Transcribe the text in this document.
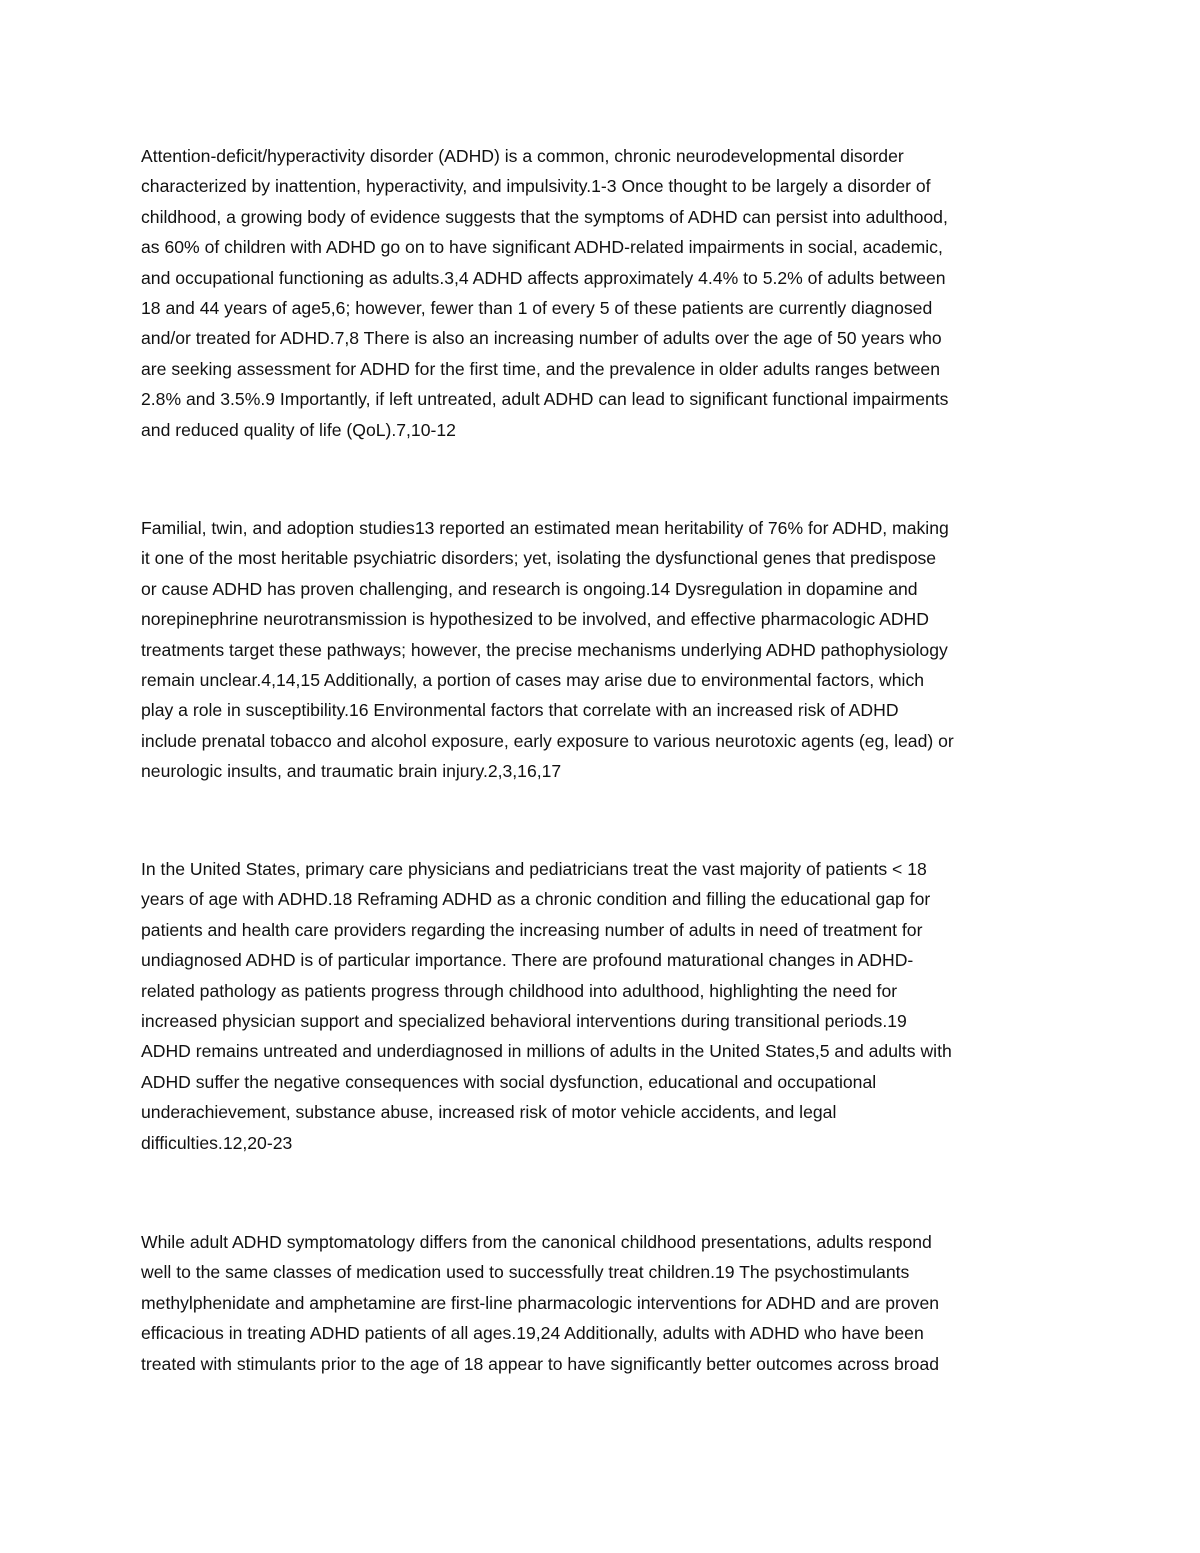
Attention-deficit/hyperactivity disorder (ADHD) is a common, chronic neurodevelopmental disorder
characterized by inattention, hyperactivity, and impulsivity.1-3 Once thought to be largely a disorder of
childhood, a growing body of evidence suggests that the symptoms of ADHD can persist into adulthood,
as 60% of children with ADHD go on to have significant ADHD-related impairments in social, academic,
and occupational functioning as adults.3,4 ADHD affects approximately 4.4% to 5.2% of adults between
18 and 44 years of age5,6; however, fewer than 1 of every 5 of these patients are currently diagnosed
and/or treated for ADHD.7,8 There is also an increasing number of adults over the age of 50 years who
are seeking assessment for ADHD for the first time, and the prevalence in older adults ranges between
2.8% and 3.5%.9 Importantly, if left untreated, adult ADHD can lead to significant functional impairments
and reduced quality of life (QoL).7,10-12

Familial, twin, and adoption studies13 reported an estimated mean heritability of 76% for ADHD, making
it one of the most heritable psychiatric disorders; yet, isolating the dysfunctional genes that predispose
or cause ADHD has proven challenging, and research is ongoing.14 Dysregulation in dopamine and
norepinephrine neurotransmission is hypothesized to be involved, and effective pharmacologic ADHD
treatments target these pathways; however, the precise mechanisms underlying ADHD pathophysiology
remain unclear.4,14,15 Additionally, a portion of cases may arise due to environmental factors, which
play a role in susceptibility.16 Environmental factors that correlate with an increased risk of ADHD
include prenatal tobacco and alcohol exposure, early exposure to various neurotoxic agents (eg, lead) or
neurologic insults, and traumatic brain injury.2,3,16,17

In the United States, primary care physicians and pediatricians treat the vast majority of patients < 18
years of age with ADHD.18 Reframing ADHD as a chronic condition and filling the educational gap for
patients and health care providers regarding the increasing number of adults in need of treatment for
undiagnosed ADHD is of particular importance. There are profound maturational changes in ADHD-
related pathology as patients progress through childhood into adulthood, highlighting the need for
increased physician support and specialized behavioral interventions during transitional periods.19
ADHD remains untreated and underdiagnosed in millions of adults in the United States,5 and adults with
ADHD suffer the negative consequences with social dysfunction, educational and occupational
underachievement, substance abuse, increased risk of motor vehicle accidents, and legal
difficulties.12,20-23

While adult ADHD symptomatology differs from the canonical childhood presentations, adults respond
well to the same classes of medication used to successfully treat children.19 The psychostimulants
methylphenidate and amphetamine are first-line pharmacologic interventions for ADHD and are proven
efficacious in treating ADHD patients of all ages.19,24 Additionally, adults with ADHD who have been
treated with stimulants prior to the age of 18 appear to have significantly better outcomes across broad
